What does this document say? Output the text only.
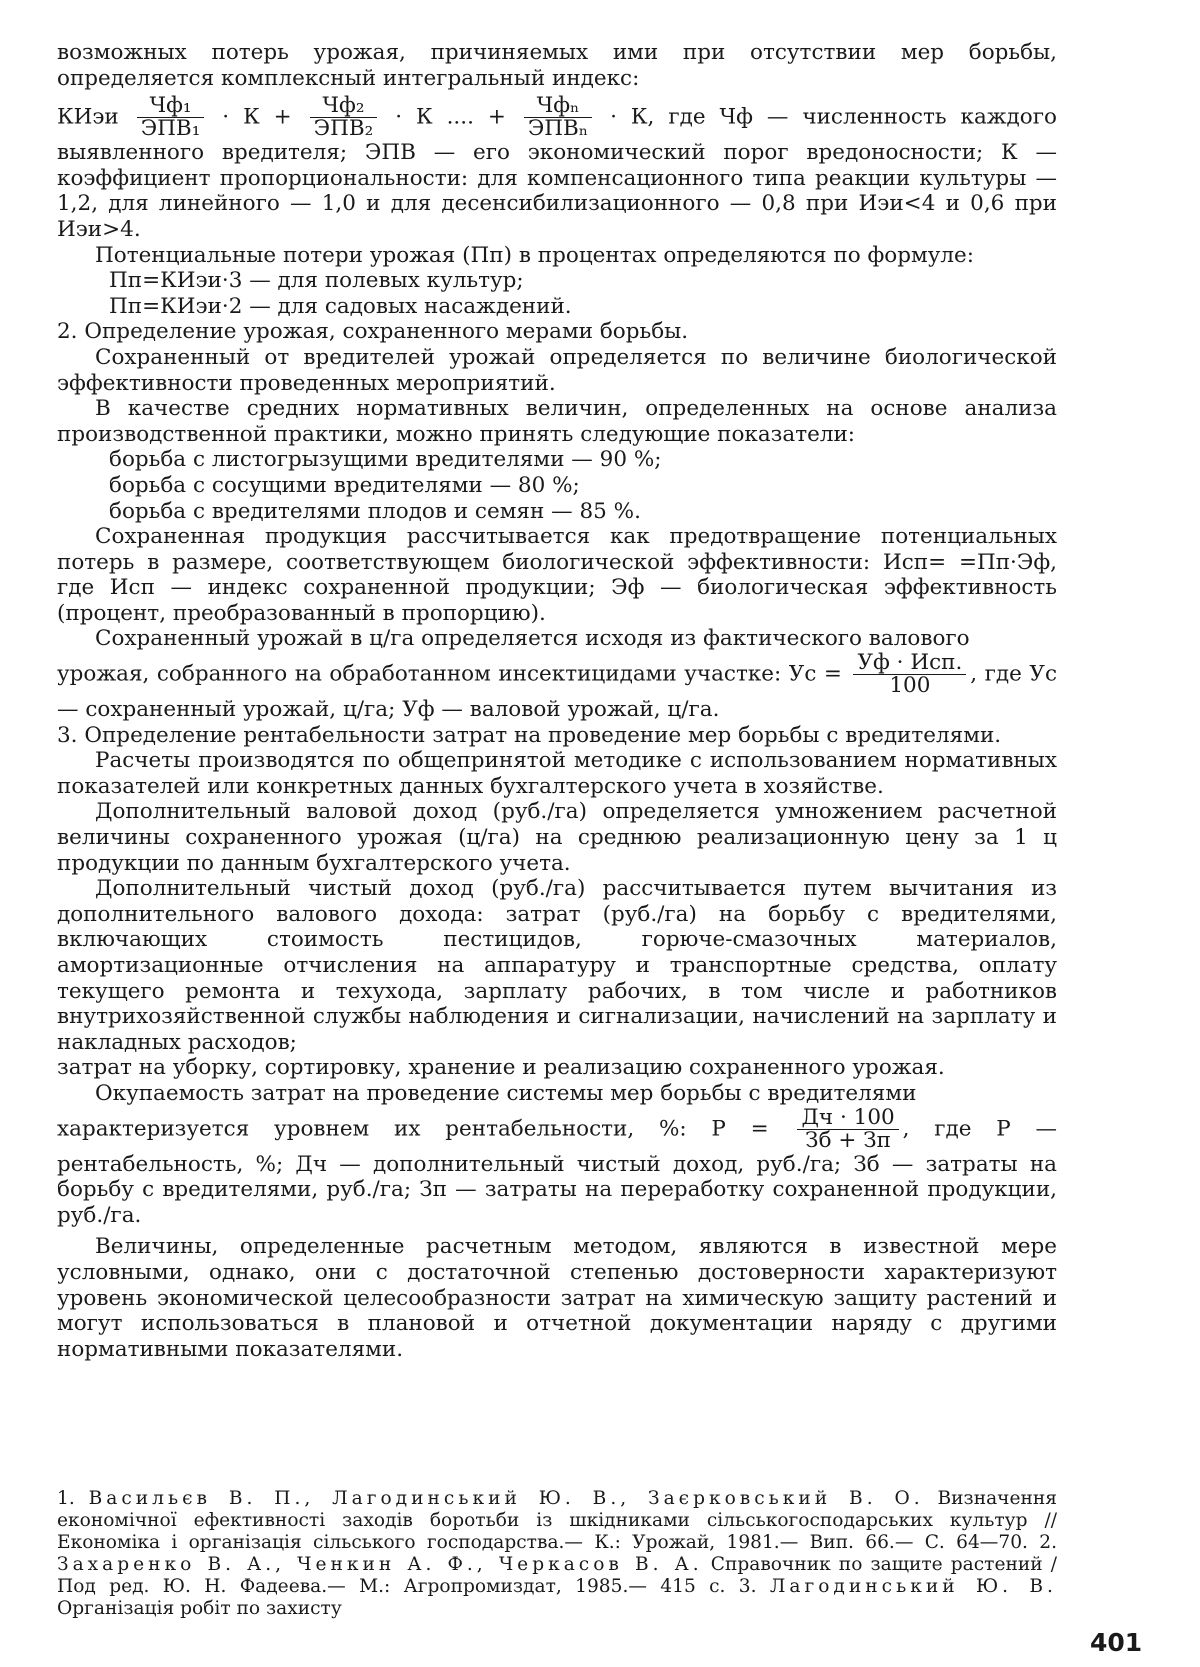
возможных потерь урожая, причиняемых ими при отсутствии мер борьбы, определяется комплексный интегральный индекс:

КИэи $\frac{\text{Чф₁}}{\text{ЭПВ₁}} \cdot К + \frac{\text{Чф₂}}{\text{ЭПВ₂}} \cdot К$ .... + $\frac{\text{Чфₙ}}{\text{ЭПВₙ}} \cdot К$, где Чф — численность каждого выявленного вредителя; ЭПВ — его экономический порог вредоносности; К — коэффициент пропорциональности: для компенсационного типа реакции культуры — 1,2, для линейного — 1,0 и для десенсибилизационного — 0,8 при Иэи<4 и 0,6 при Иэи>4.

Потенциальные потери урожая (Пп) в процентах определяются по формуле:

Пп=КИэи·3 — для полевых культур;

Пп=КИэи·2 — для садовых насаждений.

2. Определение урожая, сохраненного мерами борьбы.

Сохраненный от вредителей урожай определяется по величине биологической эффективности проведенных мероприятий.

В качестве средних нормативных величин, определенных на основе анализа производственной практики, можно принять следующие показатели:

борьба с листогрызущими вредителями — 90 %;

борьба с сосущими вредителями — 80 %;

борьба с вредителями плодов и семян — 85 %.

Сохраненная продукция рассчитывается как предотвращение потенциальных потерь в размере, соответствующем биологической эффективности: Исп= =Пп·Эф, где Исп — индекс сохраненной продукции; Эф — биологическая эффективность (процент, преобразованный в пропорцию).

Сохраненный урожай в ц/га определяется исходя из фактического валового

урожая, собранного на обработанном инсектицидами участке: Ус = $\frac{\text{Уф · Исп.}}{100}$ , где Ус — сохраненный урожай, ц/га; Уф — валовой урожай, ц/га.

3. Определение рентабельности затрат на проведение мер борьбы с вредителями.

Расчеты производятся по общепринятой методике с использованием нормативных показателей или конкретных данных бухгалтерского учета в хозяйстве.

Дополнительный валовой доход (руб./га) определяется умножением расчетной величины сохраненного урожая (ц/га) на среднюю реализационную цену за 1 ц продукции по данным бухгалтерского учета.

Дополнительный чистый доход (руб./га) рассчитывается путем вычитания из дополнительного валового дохода: затрат (руб./га) на борьбу с вредителями, включающих стоимость пестицидов, горюче-смазочных материалов, амортизационные отчисления на аппаратуру и транспортные средства, оплату текущего ремонта и техухода, зарплату рабочих, в том числе и работников внутрихозяйственной службы наблюдения и сигнализации, начислений на зарплату и накладных расходов;

затрат на уборку, сортировку, хранение и реализацию сохраненного урожая.

Окупаемость затрат на проведение системы мер борьбы с вредителями

характеризуется уровнем их рентабельности, %: $Р = \frac{Дч \cdot 100}{Зб + Зп}$ , где Р — рентабельность, %; Дч — дополнительный чистый доход, руб./га; Зб — затраты на борьбу с вредителями, руб./га; Зп — затраты на переработку сохраненной продукции, руб./га.

Величины, определенные расчетным методом, являются в известной мере условными, однако, они с достаточной степенью достоверности характеризуют уровень экономической целесообразности затрат на химическую защиту растений и могут использоваться в плановой и отчетной документации наряду с другими нормативными показателями.

1. Васильєв В. П., Лагодинський Ю. В., Заєрковський В. О. Визначення економічної ефективності заходів боротьби із шкідниками сільськогосподарських культур // Економіка і організація сільського господарства.— К.: Урожай, 1981.— Вип. 66.— С. 64—70. 2. Захаренко В. А., Ченкин А. Ф., Черкасов В. А. Справочник по защите растений / Под ред. Ю. Н. Фадеева.— М.: Агропромиздат, 1985.— 415 с. 3. Лагодинський Ю. В. Організація робіт по захисту
401
